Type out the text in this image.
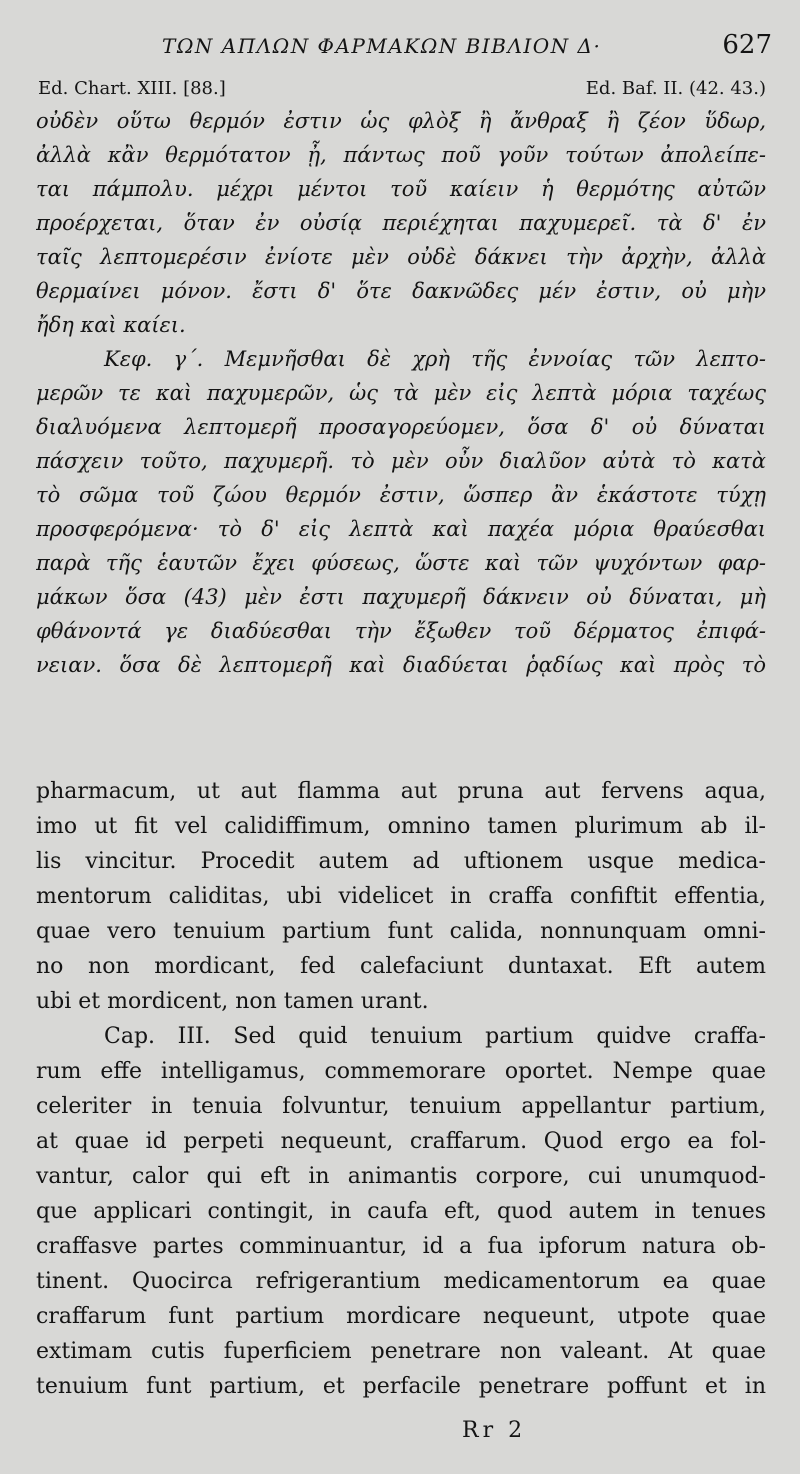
ΤΩΝ ΑΠΛΩΝ ΦΑΡΜΑΚΩΝ ΒΙΒΛΙΟΝ Δ·	627
Ed. Chart. XIII. [88.]	Ed. Baf. II. (42. 43.)
οὐδὲν οὕτω θερμόν ἐστιν ὡς φλὸξ ἢ ἄνθραξ ἢ ζέον ὕδωρ,
ἀλλὰ κἂν θερμότατον ᾖ, πάντως ποῦ γοῦν τούτων ἀπολείπε-
ται πάμπολυ. μέχρι μέντοι τοῦ καίειν ἡ θερμότης αὐτῶν
προέρχεται, ὅταν ἐν οὐσίᾳ περιέχηται παχυμερεῖ. τὰ δ' ἐν
ταῖς λεπτομερέσιν ἐνίοτε μὲν οὐδὲ δάκνει τὴν ἀρχὴν, ἀλλὰ
θερμαίνει μόνον. ἔστι δ' ὅτε δακνῶδες μέν ἐστιν, οὐ μὴν
ἤδη καὶ καίει.
Κεφ. γ΄. Μεμνῆσθαι δὲ χρὴ τῆς ἐννοίας τῶν λεπτο-
μερῶν τε καὶ παχυμερῶν, ὡς τὰ μὲν εἰς λεπτὰ μόρια ταχέως
διαλυόμενα λεπτομερῆ προσαγορεύομεν, ὅσα δ' οὐ δύναται
πάσχειν τοῦτο, παχυμερῆ. τὸ μὲν οὖν διαλῦον αὐτὰ τὸ κατὰ
τὸ σῶμα τοῦ ζώου θερμόν ἐστιν, ὥσπερ ἂν ἑκάστοτε τύχῃ
προσφερόμενα· τὸ δ' εἰς λεπτὰ καὶ παχέα μόρια θραύεσθαι
παρὰ τῆς ἑαυτῶν ἔχει φύσεως, ὥστε καὶ τῶν ψυχόντων φαρ-
μάκων ὅσα (43) μὲν ἐστι παχυμερῆ δάκνειν οὐ δύναται, μὴ
φθάνοντά γε διαδύεσθαι τὴν ἔξωθεν τοῦ δέρματος ἐπιφά-
νειαν. ὅσα δὲ λεπτομερῆ καὶ διαδύεται ῥᾳδίως καὶ πρὸς τὸ
pharmacum, ut aut flamma aut pruna aut fervens aqua,
imo ut fit vel calidiffimum, omnino tamen plurimum ab il-
lis vincitur. Procedit autem ad uftionem usque medica-
mentorum caliditas, ubi videlicet in craffa confiftit effentia,
quae vero tenuium partium funt calida, nonnunquam omni-
no non mordicant, fed calefaciunt duntaxat. Eft autem
ubi et mordicent, non tamen urant.
Cap. III. Sed quid tenuium partium quidve craffa-
rum effe intelligamus, commemorare oportet. Nempe quae
celeriter in tenuia folvuntur, tenuium appellantur partium,
at quae id perpeti nequeunt, craffarum. Quod ergo ea fol-
vantur, calor qui eft in animantis corpore, cui unumquod-
que applicari contingit, in caufa eft, quod autem in tenues
craffasve partes comminuantur, id a fua ipforum natura ob-
tinent. Quocirca refrigerantium medicamentorum ea quae
craffarum funt partium mordicare nequeunt, utpote quae
extimam cutis fuperficiem penetrare non valeant. At quae
tenuium funt partium, et perfacile penetrare poffunt et in
Rr 2
